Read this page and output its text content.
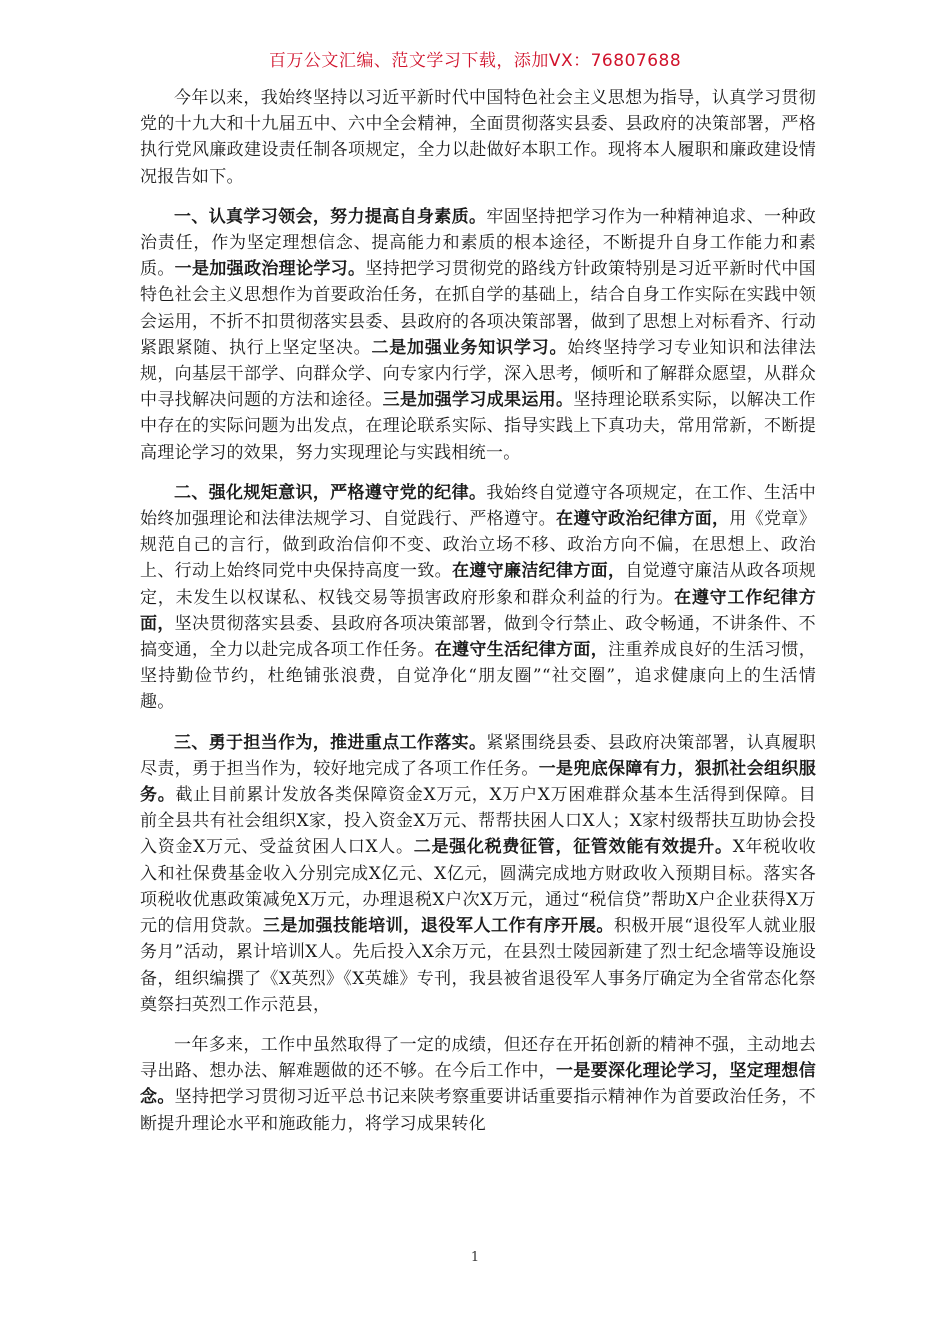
百万公文汇编、范文学习下载，添加VX：76807688

今年以来，我始终坚持以习近平新时代中国特色社会主义思想为指导，认真学习贯彻党的十九大和十九届五中、六中全会精神，全面贯彻落实县委、县政府的决策部署，严格执行党风廉政建设责任制各项规定，全力以赴做好本职工作。现将本人履职和廉政建设情况报告如下。

一、认真学习领会，努力提高自身素质。牢固坚持把学习作为一种精神追求、一种政治责任，作为坚定理想信念、提高能力和素质的根本途径，不断提升自身工作能力和素质。一是加强政治理论学习。坚持把学习贯彻党的路线方针政策特别是习近平新时代中国特色社会主义思想作为首要政治任务，在抓自学的基础上，结合自身工作实际在实践中领会运用，不折不扣贯彻落实县委、县政府的各项决策部署，做到了思想上对标看齐、行动紧跟紧随、执行上坚定坚决。二是加强业务知识学习。始终坚持学习专业知识和法律法规，向基层干部学、向群众学、向专家内行学，深入思考，倾听和了解群众愿望，从群众中寻找解决问题的方法和途径。三是加强学习成果运用。坚持理论联系实际，以解决工作中存在的实际问题为出发点，在理论联系实际、指导实践上下真功夫，常用常新，不断提高理论学习的效果，努力实现理论与实践相统一。

二、强化规矩意识，严格遵守党的纪律。我始终自觉遵守各项规定，在工作、生活中始终加强理论和法律法规学习、自觉践行、严格遵守。在遵守政治纪律方面，用《党章》规范自己的言行，做到政治信仰不变、政治立场不移、政治方向不偏，在思想上、政治上、行动上始终同党中央保持高度一致。在遵守廉洁纪律方面，自觉遵守廉洁从政各项规定，未发生以权谋私、权钱交易等损害政府形象和群众利益的行为。在遵守工作纪律方面，坚决贯彻落实县委、县政府各项决策部署，做到令行禁止、政令畅通，不讲条件、不搞变通，全力以赴完成各项工作任务。在遵守生活纪律方面，注重养成良好的生活习惯，坚持勤俭节约，杜绝铺张浪费，自觉净化“朋友圈”“社交圈”，追求健康向上的生活情趣。

三、勇于担当作为，推进重点工作落实。紧紧围绕县委、县政府决策部署，认真履职尽责，勇于担当作为，较好地完成了各项工作任务。一是兜底保障有力，狠抓社会组织服务。截止目前累计发放各类保障资金X万元，X万户X万困难群众基本生活得到保障。目前全县共有社会组织X家，投入资金X万元、帮帮扶困人口X人；X家村级帮扶互助协会投入资金X万元、受益贫困人口X人。二是强化税费征管，征管效能有效提升。X年税收收入和社保费基金收入分别完成X亿元、X亿元，圆满完成地方财政收入预期目标。落实各项税收优惠政策减免X万元，办理退税X户次X万元，通过“税信贷”帮助X户企业获得X万元的信用贷款。三是加强技能培训，退役军人工作有序开展。积极开展“退役军人就业服务月”活动，累计培训X人。先后投入X余万元，在县烈士陵园新建了烈士纪念墙等设施设备，组织编撰了《X英烈》《X英雄》专刊，我县被省退役军人事务厅确定为全省常态化祭奠祭扫英烈工作示范县，

一年多来，工作中虽然取得了一定的成绩，但还存在开拓创新的精神不强，主动地去寻出路、想办法、解难题做的还不够。在今后工作中，一是要深化理论学习，坚定理想信念。坚持把学习贯彻习近平总书记来陕考察重要讲话重要指示精神作为首要政治任务，不断提升理论水平和施政能力，将学习成果转化

1
